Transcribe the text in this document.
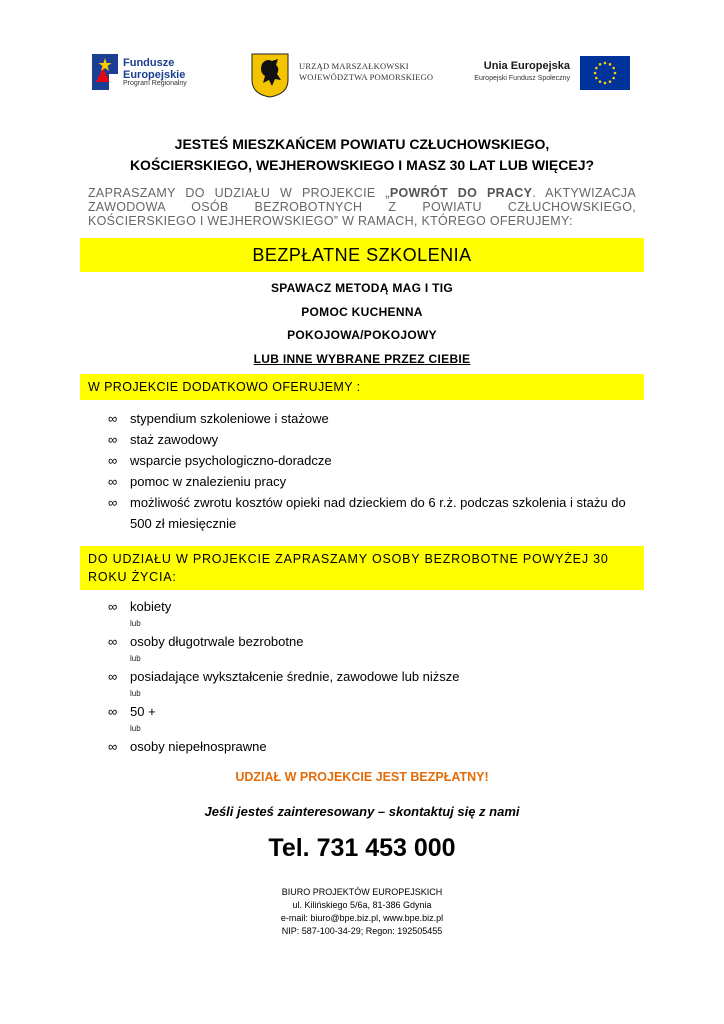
Fundusze
Europejskie
Program Regionalny
URZĄD MARSZAŁKOWSKI
WOJEWÓDZTWA POMORSKIEGO
Unia Europejska
Europejski Fundusz Społeczny
JESTEŚ MIESZKAŃCEM POWIATU CZŁUCHOWSKIEGO,
KOŚCIERSKIEGO, WEJHEROWSKIEGO I MASZ 30 LAT LUB WIĘCEJ?
ZAPRASZAMY DO UDZIAŁU W PROJEKCIE „POWRÓT DO PRACY. AKTYWIZACJA ZAWODOWA OSÓB BEZROBOTNYCH Z POWIATU CZŁUCHOWSKIEGO, KOŚCIERSKIEGO I WEJHEROWSKIEGO” W RAMACH, KTÓREGO OFERUJEMY:
BEZPŁATNE SZKOLENIA
SPAWACZ METODĄ MAG I TIG
POMOC KUCHENNA
POKOJOWA/POKOJOWY
LUB INNE WYBRANE PRZEZ CIEBIE
W PROJEKCIE DODATKOWO OFERUJEMY :
∞ stypendium szkoleniowe i stażowe
∞ staż zawodowy
∞ wsparcie psychologiczno-doradcze
∞ pomoc w znalezieniu pracy
∞ możliwość zwrotu kosztów opieki nad dzieckiem do 6 r.ż. podczas szkolenia i stażu do 500 zł miesięcznie
DO UDZIAŁU W PROJEKCIE ZAPRASZAMY OSOBY BEZROBOTNE POWYŻEJ 30 ROKU ŻYCIA:
∞ kobiety
lub
∞ osoby długotrwale bezrobotne
lub
∞ posiadające wykształcenie średnie, zawodowe lub niższe
lub
∞ 50 +
lub
∞ osoby niepełnosprawne
UDZIAŁ W PROJEKCIE JEST BEZPŁATNY!
Jeśli jesteś zainteresowany – skontaktuj się z nami
Tel. 731 453 000
BIURO PROJEKTÓW EUROPEJSKICH
ul. Kilińskiego 5/6a, 81-386 Gdynia
e-mail: biuro@bpe.biz.pl, www.bpe.biz.pl
NIP: 587-100-34-29; Regon: 192505455
